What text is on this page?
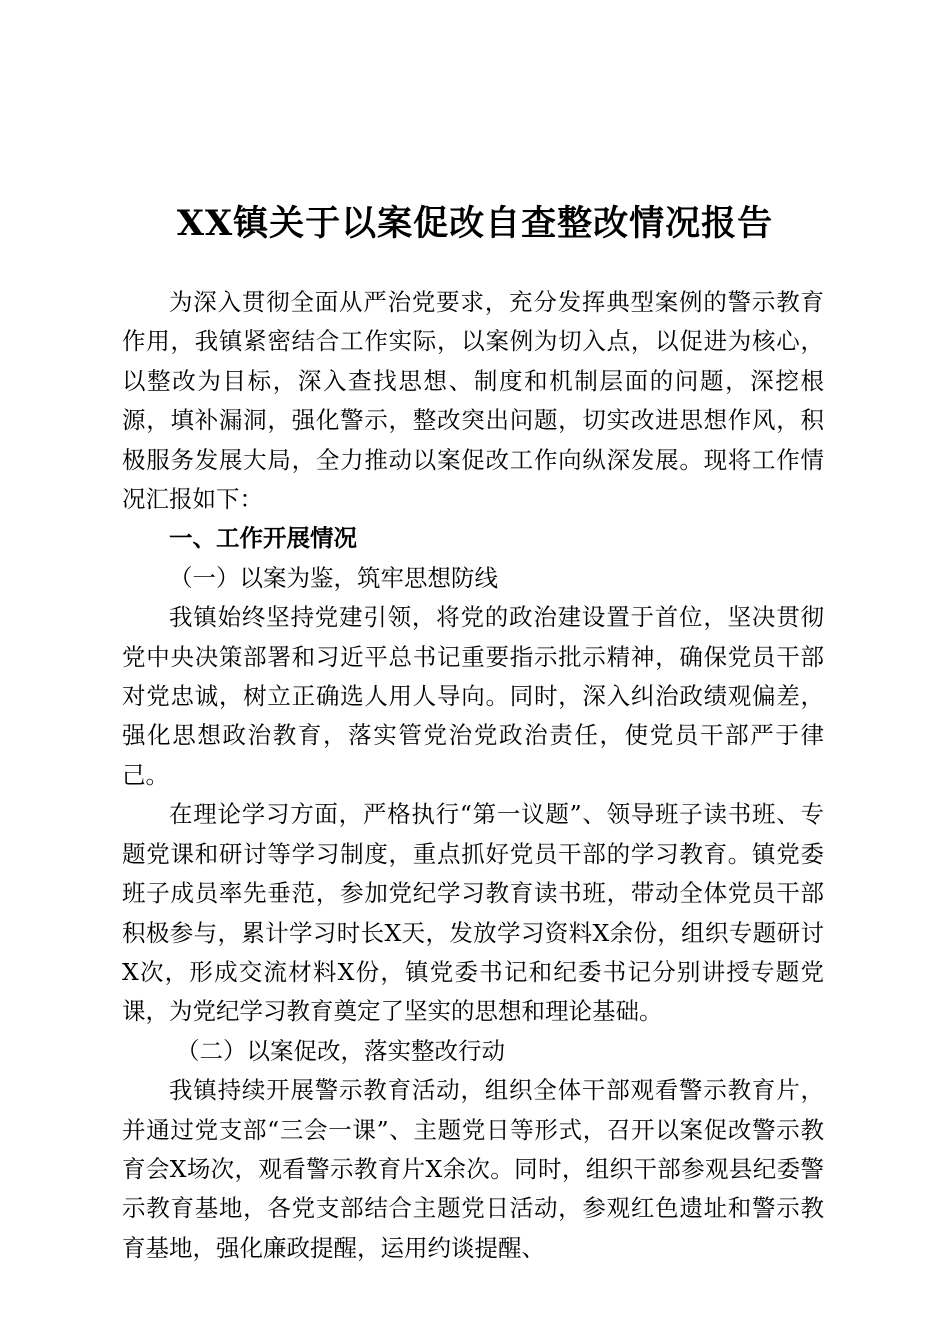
XX镇关于以案促改自查整改情况报告

为深入贯彻全面从严治党要求，充分发挥典型案例的警示教育作用，我镇紧密结合工作实际，以案例为切入点，以促进为核心，以整改为目标，深入查找思想、制度和机制层面的问题，深挖根源，填补漏洞，强化警示，整改突出问题，切实改进思想作风，积极服务发展大局，全力推动以案促改工作向纵深发展。现将工作情况汇报如下：

一、工作开展情况
（一）以案为鉴，筑牢思想防线

我镇始终坚持党建引领，将党的政治建设置于首位，坚决贯彻党中央决策部署和习近平总书记重要指示批示精神，确保党员干部对党忠诚，树立正确选人用人导向。同时，深入纠治政绩观偏差，强化思想政治教育，落实管党治党政治责任，使党员干部严于律己。

在理论学习方面，严格执行“第一议题”、领导班子读书班、专题党课和研讨等学习制度，重点抓好党员干部的学习教育。镇党委班子成员率先垂范，参加党纪学习教育读书班，带动全体党员干部积极参与，累计学习时长X天，发放学习资料X余份，组织专题研讨X次，形成交流材料X份，镇党委书记和纪委书记分别讲授专题党课，为党纪学习教育奠定了坚实的思想和理论基础。

（二）以案促改，落实整改行动

我镇持续开展警示教育活动，组织全体干部观看警示教育片，并通过党支部“三会一课”、主题党日等形式，召开以案促改警示教育会X场次，观看警示教育片X余次。同时，组织干部参观县纪委警示教育基地，各党支部结合主题党日活动，参观红色遗址和警示教育基地，强化廉政提醒，运用约谈提醒、
